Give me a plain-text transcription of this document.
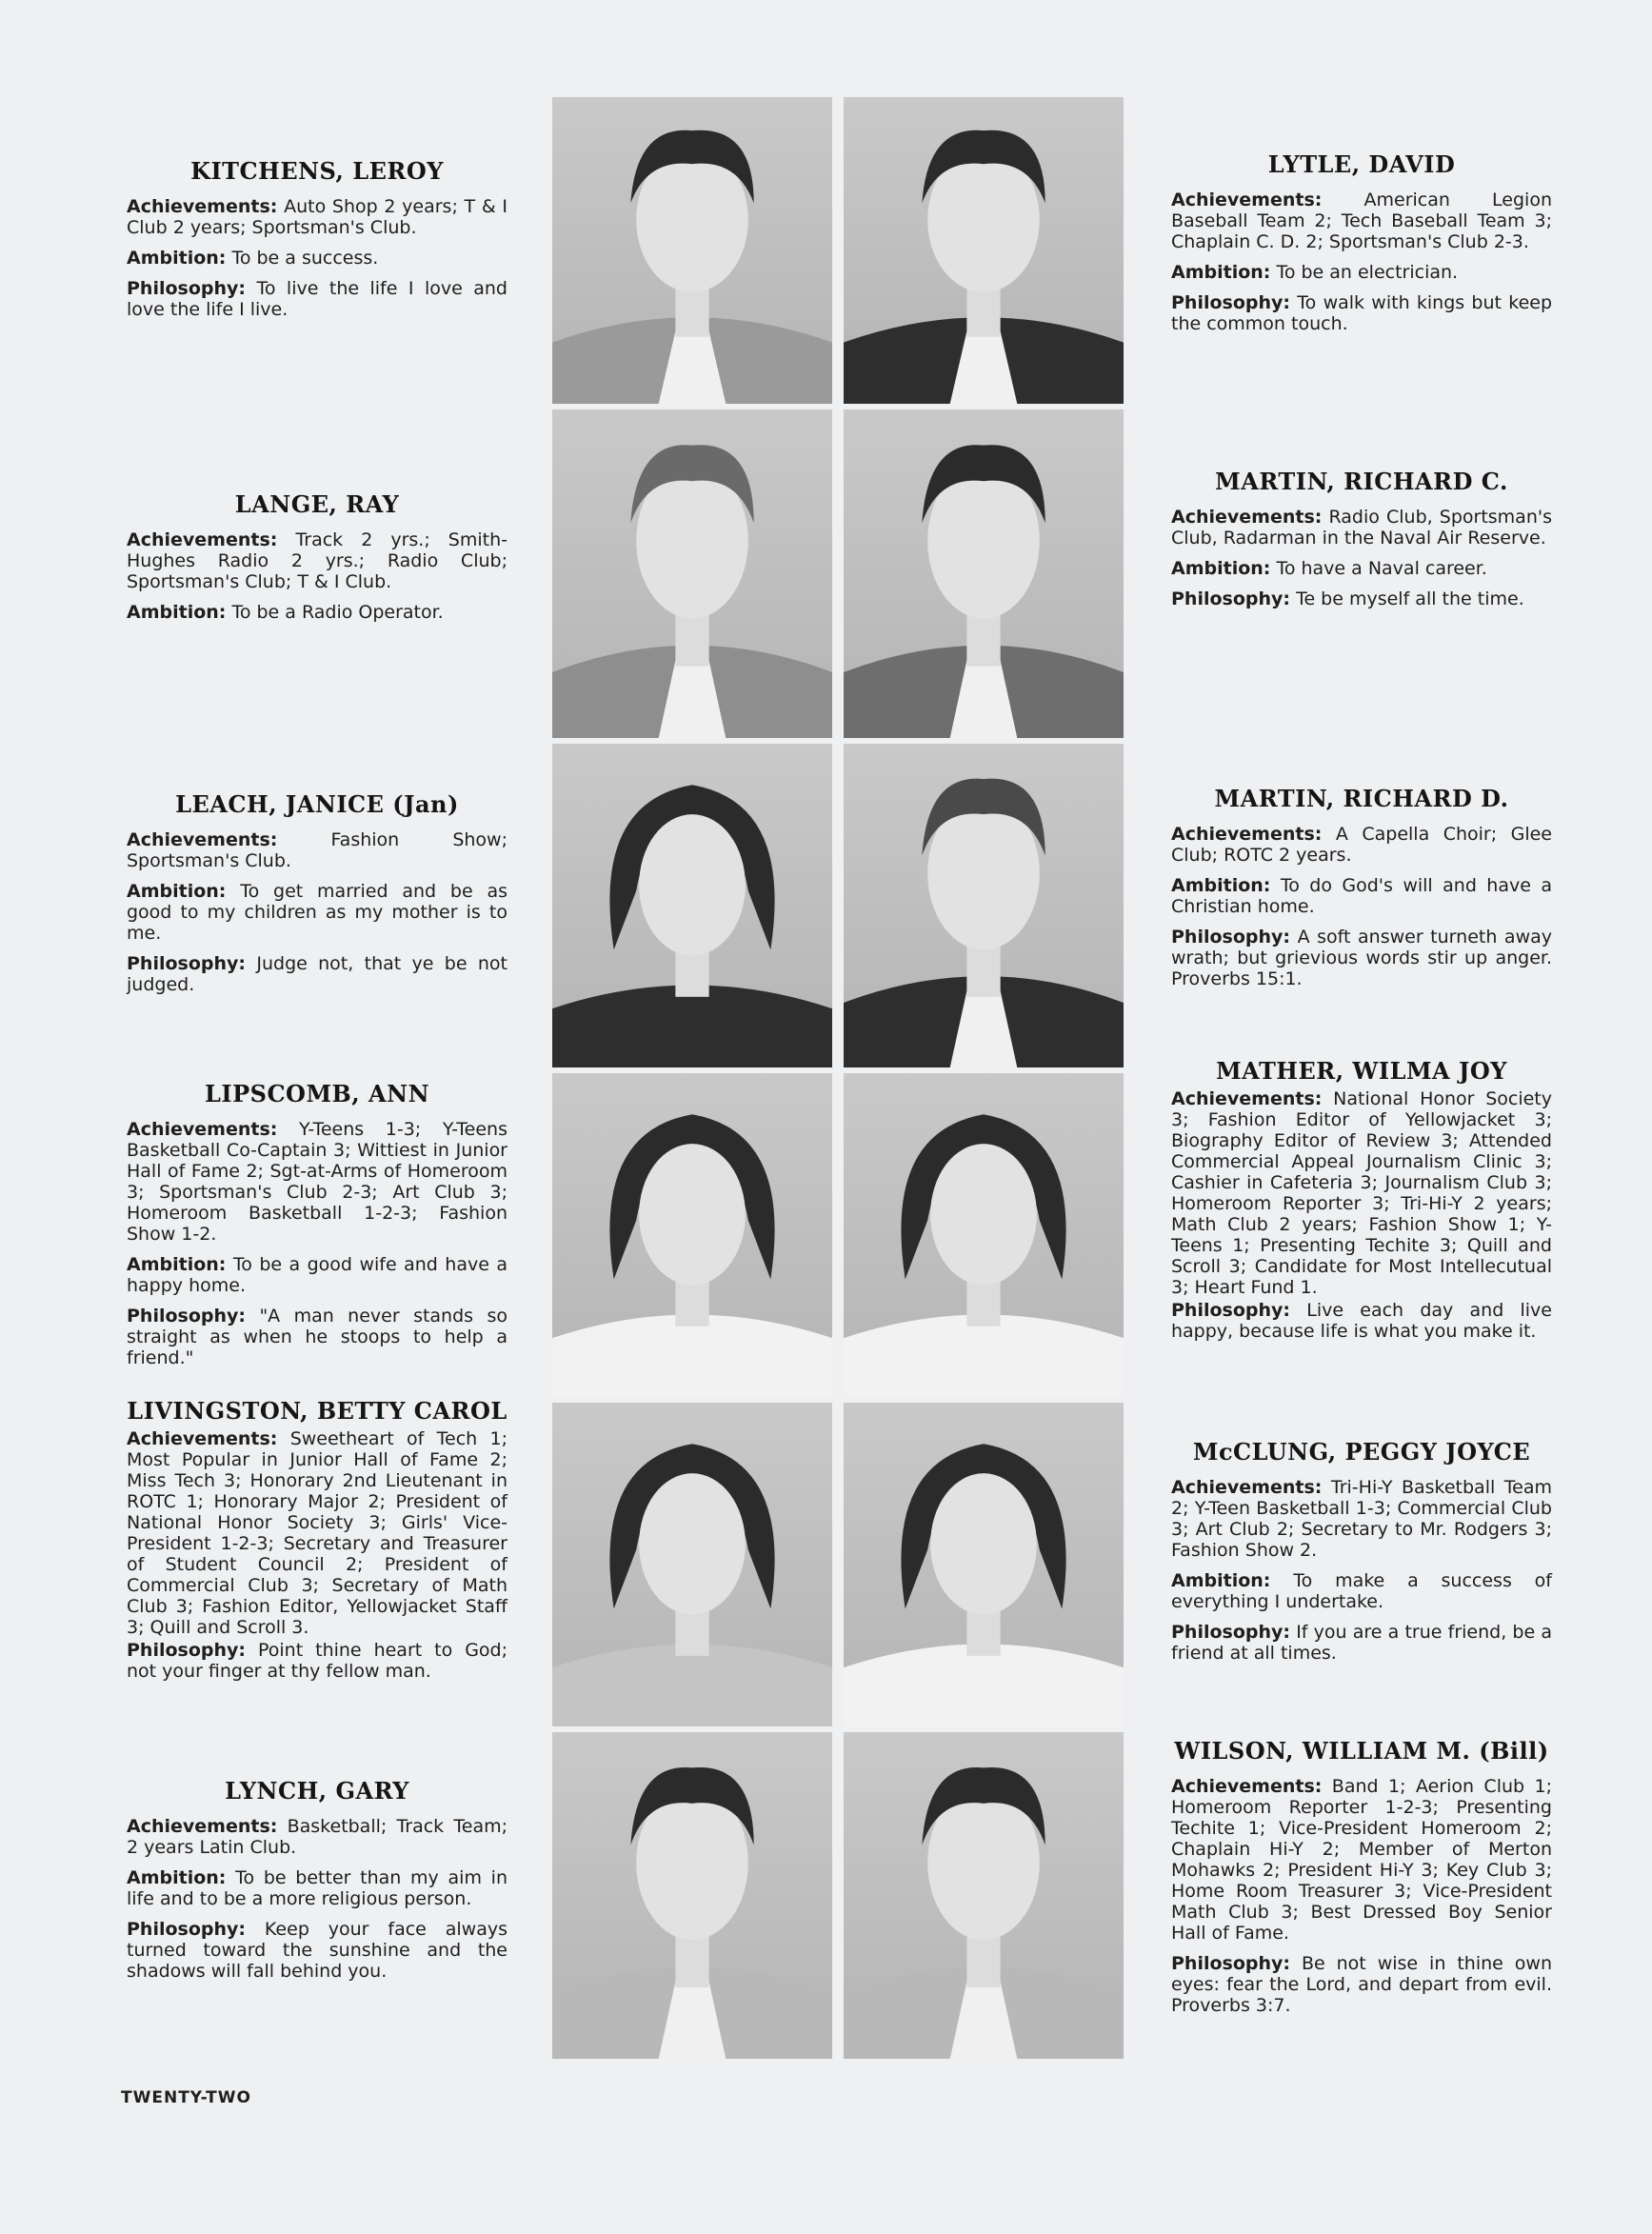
KITCHENS, LEROY

Achievements: Auto Shop 2 years; T & I Club 2 years; Sportsman's Club.

Ambition: To be a success.

Philosophy: To live the life I love and love the life I live.

LANGE, RAY

Achievements: Track 2 yrs.; Smith-Hughes Radio 2 yrs.; Radio Club; Sportsman's Club; T & I Club.

Ambition: To be a Radio Operator.

LEACH, JANICE (Jan)

Achievements:	Fashion Show; Sportsman's Club.

Ambition: To get married and be as good to my children as my mother is to me.

Philosophy: Judge not, that ye be not judged.

LIPSCOMB, ANN

Achievements: Y-Teens 1-3; Y-Teens Basketball Co-Captain 3; Wittiest in Junior Hall of Fame 2; Sgt-at-Arms of Homeroom 3; Sportsman's Club 2-3; Art Club 3; Homeroom Basketball 1-2-3; Fashion Show 1-2.

Ambition: To be a good wife and have a happy home.

Philosophy: "A man never stands so straight as when he stoops to help a friend."

LIVINGSTON, BETTY CAROL

Achievements: Sweetheart of Tech 1; Most Popular in Junior Hall of Fame 2; Miss Tech 3; Honorary 2nd Lieutenant in ROTC 1; Honorary Major 2; President of National Honor Society 3; Girls' Vice-President 1-2-3; Secretary and Treasurer of Student Council 2; President of Commercial Club 3; Secretary of Math Club 3; Fashion Editor, Yellowjacket Staff 3; Quill and Scroll 3.

Philosophy: Point thine heart to God; not your finger at thy fellow man.

LYNCH, GARY

Achievements: Basketball; Track Team; 2 years Latin Club.

Ambition: To be better than my aim in life and to be a more religious person.

Philosophy: Keep your face always turned toward the sunshine and the shadows will fall behind you.

LYTLE, DAVID

Achievements: American Legion Baseball Team 2; Tech Baseball Team 3; Chaplain C. D. 2; Sportsman's Club 2-3.

Ambition: To be an electrician.

Philosophy: To walk with kings but keep the common touch.

MARTIN, RICHARD C.

Achievements: Radio Club, Sportsman's Club, Radarman in the Naval Air Reserve.

Ambition: To have a Naval career.

Philosophy: Te be myself all the time.

MARTIN, RICHARD D.

Achievements: A Capella Choir; Glee Club; ROTC 2 years.

Ambition: To do God's will and have a Christian home.

Philosophy: A soft answer turneth away wrath; but grievious words stir up anger. Proverbs 15:1.

MATHER, WILMA JOY

Achievements: National Honor Society 3; Fashion Editor of Yellowjacket 3; Biography Editor of Review 3; Attended Commercial Appeal Journalism Clinic 3; Cashier in Cafeteria 3; Journalism Club 3; Homeroom Reporter 3; Tri-Hi-Y 2 years; Math Club 2 years; Fashion Show 1; Y-Teens 1; Presenting Techite 3; Quill and Scroll 3; Candidate for Most Intellecutual 3; Heart Fund 1.

Philosophy: Live each day and live happy, because life is what you make it.

McCLUNG, PEGGY JOYCE

Achievements: Tri-Hi-Y Basketball Team 2; Y-Teen Basketball 1-3; Commercial Club 3; Art Club 2; Secretary to Mr. Rodgers 3; Fashion Show 2.

Ambition: To make a success of everything I undertake.

Philosophy: If you are a true friend, be a friend at all times.

WILSON, WILLIAM M. (Bill)

Achievements: Band 1; Aerion Club 1; Homeroom Reporter 1-2-3; Presenting Techite 1; Vice-President Homeroom 2; Chaplain Hi-Y 2; Member of Merton Mohawks 2; President Hi-Y 3; Key Club 3; Home Room Treasurer 3; Vice-President Math Club 3; Best Dressed Boy Senior Hall of Fame.

Philosophy: Be not wise in thine own eyes: fear the Lord, and depart from evil. Proverbs 3:7.

TWENTY-TWO
